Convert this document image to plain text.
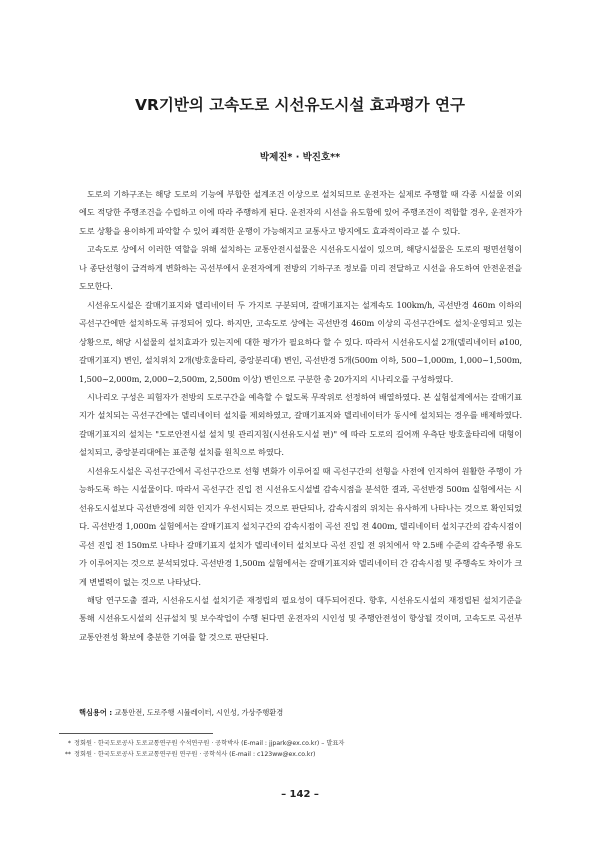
VR기반의 고속도로 시선유도시설 효과평가 연구
박제진* · 박진호**

도로의 기하구조는 해당 도로의 기능에 부합한 설계조건 이상으로 설치되므로 운전자는 실제로 주행할 때 각종 시설물 이외에도 적당한 주행조건을 수립하고 이에 따라 주행하게 된다. 운전자의 시선을 유도함에 있어 주행조건이 적합할 경우, 운전자가 도로 상황을 용이하게 파악할 수 있어 쾌적한 운행이 가능해지고 교통사고 방지에도 효과적이라고 볼 수 있다.

고속도로 상에서 이러한 역할을 위해 설치하는 교통안전시설물은 시선유도시설이 있으며, 해당시설물은 도로의 평면선형이나 종단선형이 급격하게 변화하는 곡선부에서 운전자에게 전방의 기하구조 정보를 미리 전달하고 시선을 유도하여 안전운전을 도모한다.

시선유도시설은 갈매기표지와 델리네이터 두 가지로 구분되며, 갈매기표지는 설계속도 100km/h, 곡선반경 460m 이하의 곡선구간에만 설치하도록 규정되어 있다. 하지만, 고속도로 상에는 곡선반경 460m 이상의 곡선구간에도 설치·운영되고 있는 상황으로, 해당 시설물의 설치효과가 있는지에 대한 평가가 필요하다 할 수 있다. 따라서 시선유도시설 2개(델리네이터 ø100, 갈매기표지) 변인, 설치위치 2개(방호울타리, 중앙분리대) 변인, 곡선반경 5개(500m 이하, 500~1,000m, 1,000~1,500m, 1,500~2,000m, 2,000~2,500m, 2,500m 이상) 변인으로 구분한 총 20가지의 시나리오를 구성하였다.

시나리오 구성은 피험자가 전방의 도로구간을 예측할 수 없도록 무작위로 선정하여 배열하였다. 본 실험설계에서는 갈매기표지가 설치되는 곡선구간에는 델리네이터 설치를 제외하였고, 갈매기표지와 델리네이터가 동시에 설치되는 경우를 배제하였다. 갈매기표지의 설치는 "도로안전시설 설치 및 관리지침(시선유도시설 편)" 에 따라 도로의 길어깨 우측단 방호울타리에 대형이 설치되고, 중앙분리대에는 표준형 설치를 원칙으로 하였다.

시선유도시설은 곡선구간에서 곡선구간으로 선형 변화가 이루어질 때 곡선구간의 선형을 사전에 인지하여 원활한 주행이 가능하도록 하는 시설물이다. 따라서 곡선구간 진입 전 시선유도시설별 감속시점을 분석한 결과, 곡선반경 500m 실험에서는 시선유도시설보다 곡선반경에 의한 인지가 우선시되는 것으로 판단되나, 감속시점의 위치는 유사하게 나타나는 것으로 확인되었다. 곡선반경 1,000m 실험에서는 갈매기표지 설치구간의 감속시점이 곡선 진입 전 400m, 델리네이터 설치구간의 감속시점이 곡선 진입 전 150m로 나타나 갈매기표지 설치가 델리네이터 설치보다 곡선 진입 전 위치에서 약 2.5배 수준의 감속주행 유도가 이루어지는 것으로 분석되었다. 곡선반경 1,500m 실험에서는 갈매기표지와 델리네이터 간 감속시점 및 주행속도 차이가 크게 변별력이 없는 것으로 나타났다.

해당 연구도출 결과, 시선유도시설 설치기준 재정립의 필요성이 대두되어진다. 향후, 시선유도시설의 재정립된 설치기준을 통해 시선유도시설의 신규설치 및 보수작업이 수행 된다면 운전자의 시인성 및 주행안전성이 향상될 것이며, 고속도로 곡선부 교통안전성 확보에 충분한 기여를 할 것으로 판단된다.

핵심용어 : 교통안전, 도로주행 시뮬레이터, 시인성, 가상주행환경
* 정회원 · 한국도로공사 도로교통연구원 수석연구원 · 공학박사 (E-mail : jjpark@ex.co.kr) – 발표자
** 정회원 · 한국도로공사 도로교통연구원 연구원 · 공학석사 (E-mail : c123ww@ex.co.kr)
– 142 –
